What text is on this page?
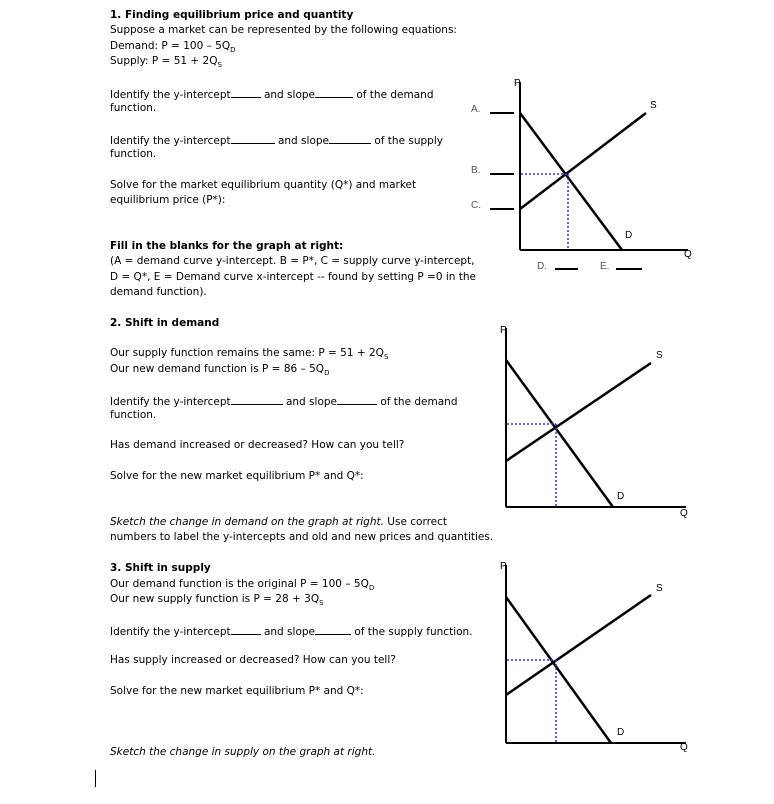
1. Finding equilibrium price and quantity
Suppose a market can be represented by the following equations:
Demand: $P = 100 - 5Q_D$
Supply: $P = 51 + 2Q_S$
Identify the y-intercept	and slope	of the demand
function.
Identify the y-intercept	and slope	of the supply
function.
Solve for the market equilibrium quantity (Q*) and market
equilibrium price (P*):
Fill in the blanks for the graph at right:
(A = demand curve y-intercept. B = P*, C = supply curve y-intercept,
D = Q*, E = Demand curve x-intercept -- found by setting P =0 in the
demand function).
2. Shift in demand
Our supply function remains the same: $P = 51 + 2Q_S$
Our new demand function is $P = 86 - 5Q_D$
Identify the y-intercept	and slope	of the demand
function.
Has demand increased or decreased? How can you tell?
Solve for the new market equilibrium P* and Q*:
Sketch the change in demand on the graph at right. Use correct
numbers to label the y-intercepts and old and new prices and quantities.
3. Shift in supply
Our demand function is the original $P = 100 - 5Q_D$
Our new supply function is $P = 28 + 3Q_S$
Identify the y-intercept	and slope	of the supply function.
Has supply increased or decreased? How can you tell?
Solve for the new market equilibrium P* and Q*:
Sketch the change in supply on the graph at right.
P
Q
S
D
A.
B.
C.
D.	E.
P
Q
S
D
P
Q
S
D
